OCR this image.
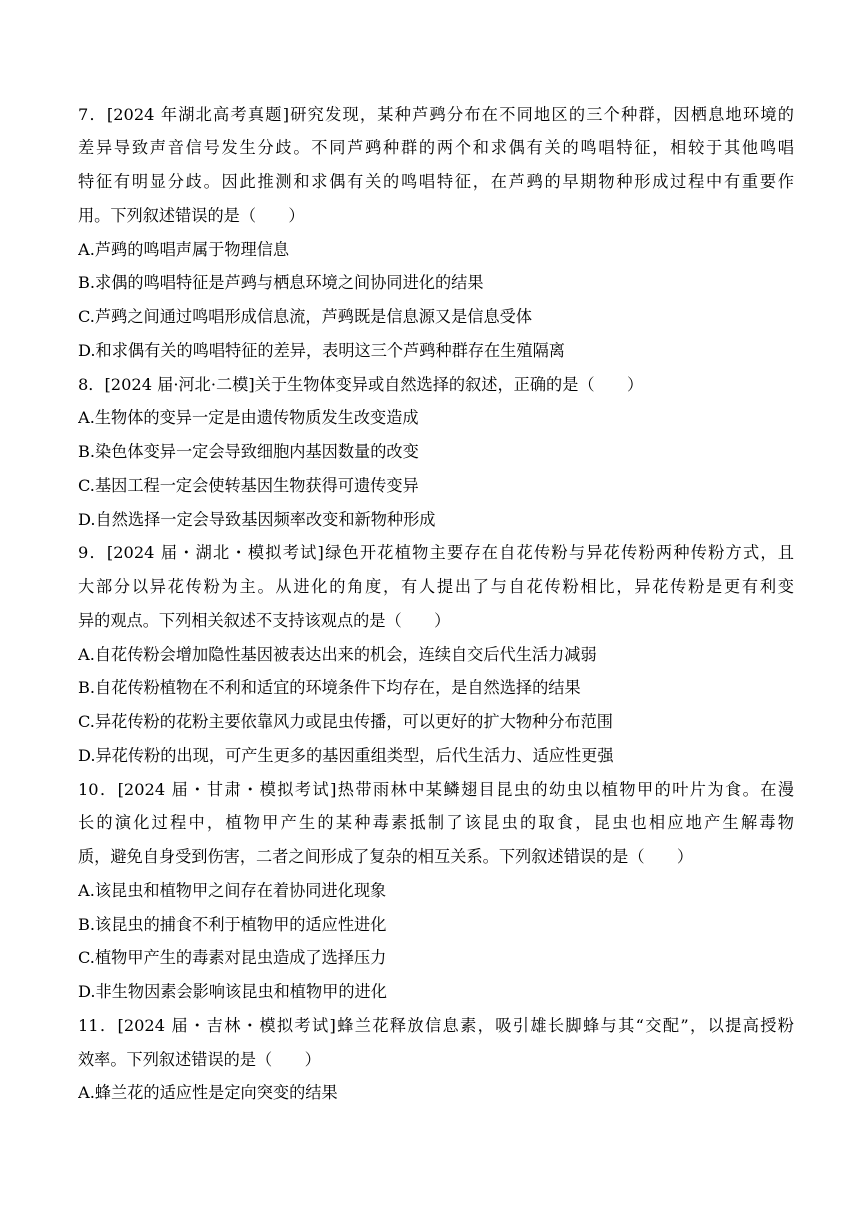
7．[2024 年湖北高考真题]研究发现，某种芦鹀分布在不同地区的三个种群，因栖息地环境的
差异导致声音信号发生分歧。不同芦鹀种群的两个和求偶有关的鸣唱特征，相较于其他鸣唱
特征有明显分歧。因此推测和求偶有关的鸣唱特征，在芦鹀的早期物种形成过程中有重要作
用。下列叙述错误的是（　　）
A.芦鹀的鸣唱声属于物理信息
B.求偶的鸣唱特征是芦鹀与栖息环境之间协同进化的结果
C.芦鹀之间通过鸣唱形成信息流，芦鹀既是信息源又是信息受体
D.和求偶有关的鸣唱特征的差异，表明这三个芦鹀种群存在生殖隔离
8．[2024 届·河北·二模]关于生物体变异或自然选择的叙述，正确的是（　　）
A.生物体的变异一定是由遗传物质发生改变造成
B.染色体变异一定会导致细胞内基因数量的改变
C.基因工程一定会使转基因生物获得可遗传变异
D.自然选择一定会导致基因频率改变和新物种形成
9．[2024 届・湖北・模拟考试]绿色开花植物主要存在自花传粉与异花传粉两种传粉方式，且
大部分以异花传粉为主。从进化的角度，有人提出了与自花传粉相比，异花传粉是更有利变
异的观点。下列相关叙述不支持该观点的是（　　）
A.自花传粉会增加隐性基因被表达出来的机会，连续自交后代生活力减弱
B.自花传粉植物在不利和适宜的环境条件下均存在，是自然选择的结果
C.异花传粉的花粉主要依靠风力或昆虫传播，可以更好的扩大物种分布范围
D.异花传粉的出现，可产生更多的基因重组类型，后代生活力、适应性更强
10．[2024 届・甘肃・模拟考试]热带雨林中某鳞翅目昆虫的幼虫以植物甲的叶片为食。在漫
长的演化过程中，植物甲产生的某种毒素抵制了该昆虫的取食，昆虫也相应地产生解毒物
质，避免自身受到伤害，二者之间形成了复杂的相互关系。下列叙述错误的是（　　）
A.该昆虫和植物甲之间存在着协同进化现象
B.该昆虫的捕食不利于植物甲的适应性进化
C.植物甲产生的毒素对昆虫造成了选择压力
D.非生物因素会影响该昆虫和植物甲的进化
11．[2024 届・吉林・模拟考试]蜂兰花释放信息素，吸引雄长脚蜂与其“交配”，以提高授粉
效率。下列叙述错误的是（　　）
A.蜂兰花的适应性是定向突变的结果
